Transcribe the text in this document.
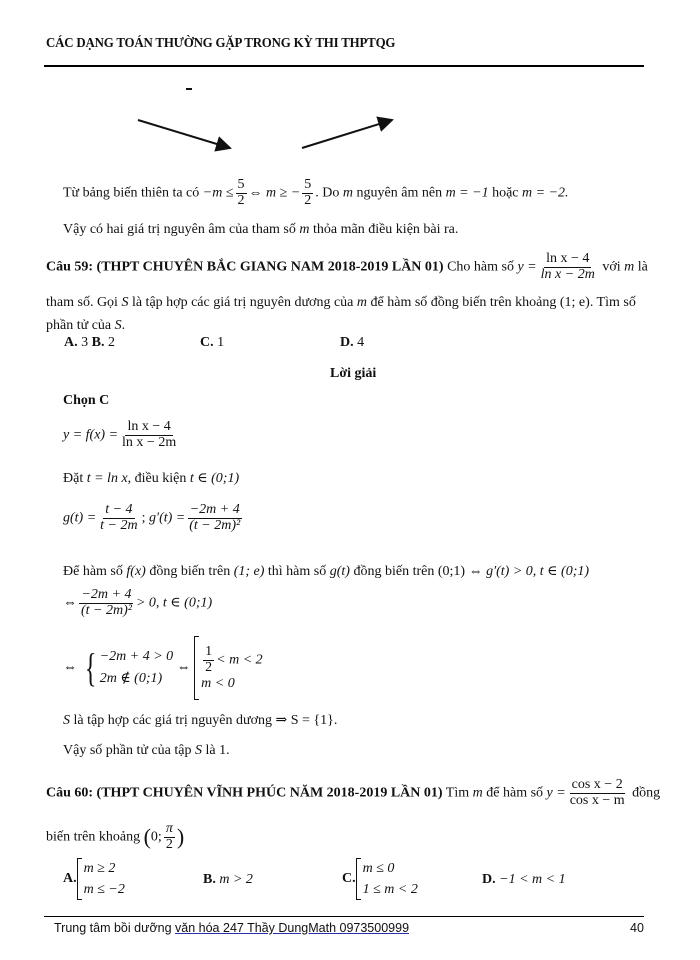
CÁC DẠNG TOÁN THƯỜNG GẶP TRONG KỲ THI THPTQG
Từ bảng biến thiên ta có $-m \le \frac{5}{2}$ ⇔ m ≥ − $\frac{5}{2}$ . Do m nguyên âm nên m = −1 hoặc m = −2.
Vậy có hai giá trị nguyên âm của tham số m thỏa mãn điều kiện bài ra.
Câu 59: (THPT CHUYÊN BẮC GIANG NAM 2018-2019 LẦN 01) Cho hàm số $y = \frac{\text{ln x − 4}}{\text{ln x − 2m}}$ với m là
tham số. Gọi S là tập hợp các giá trị nguyên dương của m để hàm số đồng biến trên khoảng (1; e). Tìm số
phần tử của S.
A. 3 B. 2	C. 1	D. 4
Lời giải
Chọn C
$y = f(x) = \frac{\text{ln x − 4}}{\text{ln x − 2m}}$
Đặt t = ln x, điều kiện t ∈ (0;1)
$g(t) = \frac{t - 4}{t - 2m}$ ; $g'(t) = \frac{-2m + 4}{\text{(t − 2m)²}}$
Để hàm số f(x) đồng biến trên (1; e) thì hàm số g(t) đồng biến trên (0;1) ⇔ g′(t) > 0, t ∈ (0;1)
⇔ $\frac{-2m + 4}{\text{(t − 2m)²}} > 0$, t ∈ (0;1)
⇔ { −2m + 4 > 0
2m ∉ (0;1)
⇔ $\frac{1}{2} < m < 2$
m < 0
S là tập hợp các giá trị nguyên dương ⇒ S = {1}.
Vậy số phần tử của tập S là 1.
Câu 60: (THPT CHUYÊN VĨNH PHÚC NĂM 2018-2019 LẦN 01) Tìm m để hàm số $y = \frac{\text{cos x − 2}}{\text{cos x − m}}$ đồng
biến trên khoảng (0; $\frac{\pi}{2}$ )
A.
m ≥ 2
m ≤ −2
B. m > 2	C.
m ≤ 0
1 ≤ m < 2
D. −1 < m < 1
Trung tâm bồi dưỡng văn hóa 247 Thầy DungMath 0973500999	40
